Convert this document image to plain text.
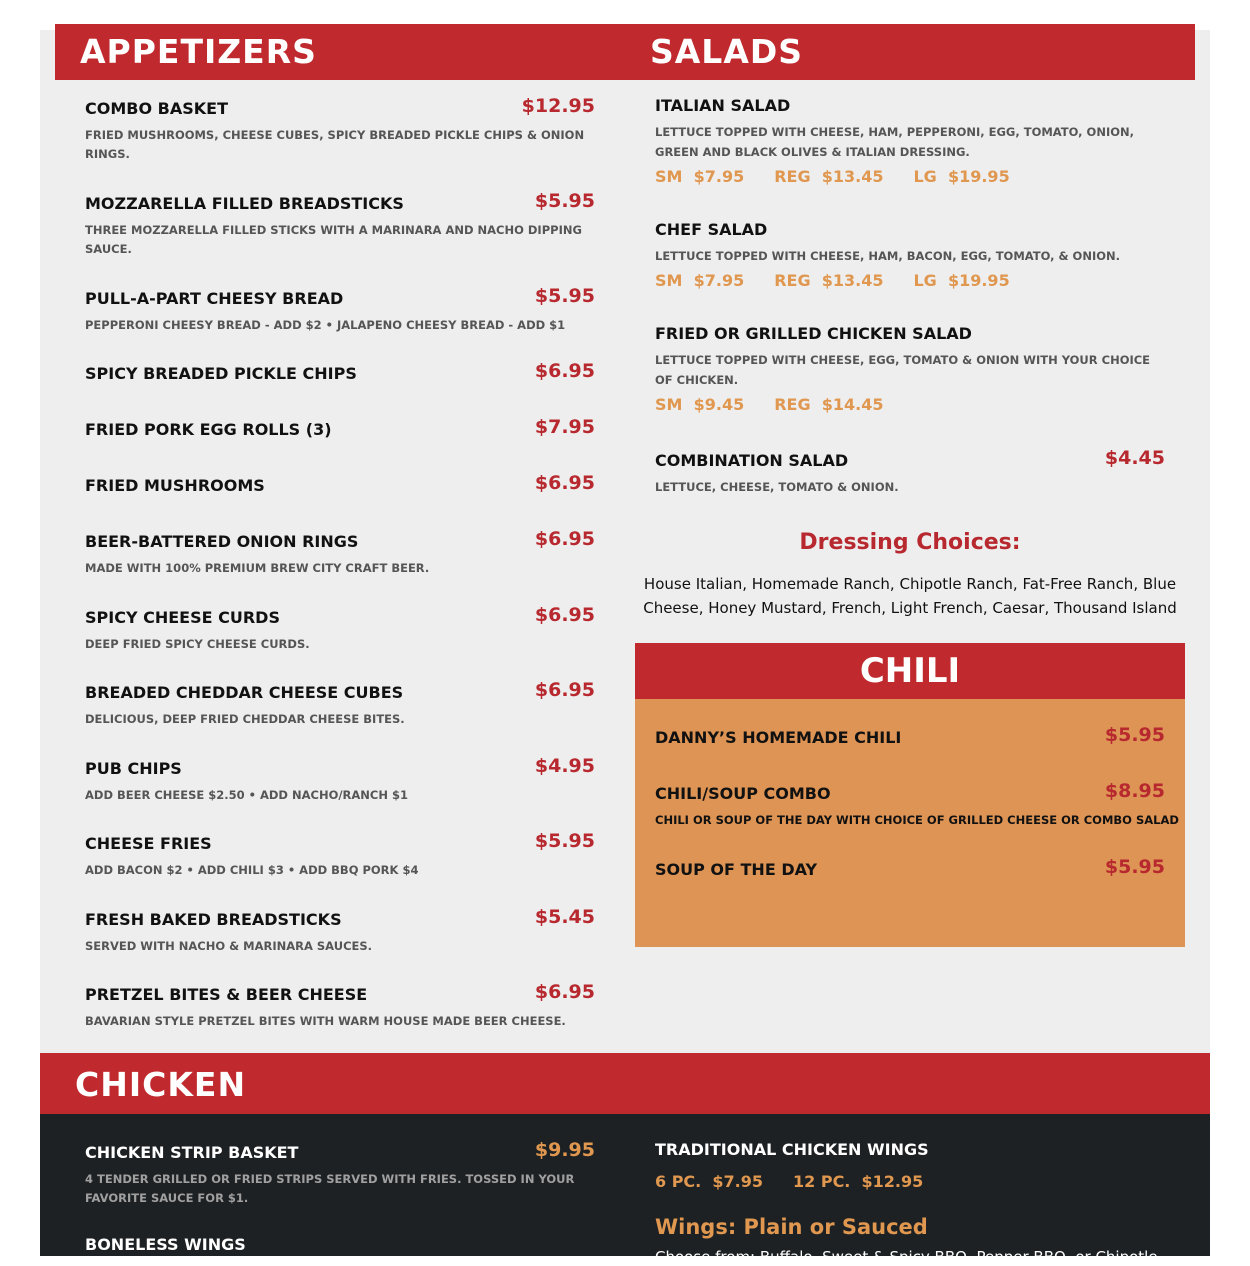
APPETIZERS	SALADS
COMBO BASKET	$12.95
FRIED MUSHROOMS, CHEESE CUBES, SPICY BREADED PICKLE CHIPS & ONION RINGS.
MOZZARELLA FILLED BREADSTICKS	$5.95
THREE MOZZARELLA FILLED STICKS WITH A MARINARA AND NACHO DIPPING SAUCE.
PULL-A-PART CHEESY BREAD	$5.95
PEPPERONI CHEESY BREAD - ADD $2 • JALAPENO CHEESY BREAD - ADD $1
SPICY BREADED PICKLE CHIPS	$6.95
FRIED PORK EGG ROLLS (3)	$7.95
FRIED MUSHROOMS	$6.95
BEER-BATTERED ONION RINGS	$6.95
MADE WITH 100% PREMIUM BREW CITY CRAFT BEER.
SPICY CHEESE CURDS	$6.95
DEEP FRIED SPICY CHEESE CURDS.
BREADED CHEDDAR CHEESE CUBES	$6.95
DELICIOUS, DEEP FRIED CHEDDAR CHEESE BITES.
PUB CHIPS	$4.95
ADD BEER CHEESE $2.50 • ADD NACHO/RANCH $1
CHEESE FRIES	$5.95
ADD BACON $2 • ADD CHILI $3 • ADD BBQ PORK $4
FRESH BAKED BREADSTICKS	$5.45
SERVED WITH NACHO & MARINARA SAUCES.
PRETZEL BITES & BEER CHEESE	$6.95
BAVARIAN STYLE PRETZEL BITES WITH WARM HOUSE MADE BEER CHEESE.
ITALIAN SALAD
LETTUCE TOPPED WITH CHEESE, HAM, PEPPERONI, EGG, TOMATO, ONION, GREEN AND BLACK OLIVES & ITALIAN DRESSING.
SM $7.95 REG $13.45 LG $19.95
CHEF SALAD
LETTUCE TOPPED WITH CHEESE, HAM, BACON, EGG, TOMATO, & ONION.
SM $7.95 REG $13.45 LG $19.95
FRIED OR GRILLED CHICKEN SALAD
LETTUCE TOPPED WITH CHEESE, EGG, TOMATO & ONION WITH YOUR CHOICE OF CHICKEN.
SM $9.45 REG $14.45
COMBINATION SALAD	$4.45
LETTUCE, CHEESE, TOMATO & ONION.
Dressing Choices:
House Italian, Homemade Ranch, Chipotle Ranch, Fat-Free Ranch, Blue Cheese, Honey Mustard, French, Light French, Caesar, Thousand Island
CHILI
DANNY’S HOMEMADE CHILI	$5.95
CHILI/SOUP COMBO	$8.95
CHILI OR SOUP OF THE DAY WITH CHOICE OF GRILLED CHEESE OR COMBO SALAD
SOUP OF THE DAY	$5.95
CHICKEN
CHICKEN STRIP BASKET	$9.95
4 TENDER GRILLED OR FRIED STRIPS SERVED WITH FRIES. TOSSED IN YOUR FAVORITE SAUCE FOR $1.
BONELESS WINGS
TRADITIONAL CHICKEN WINGS
6 PC. $7.95 12 PC. $12.95
Wings: Plain or Sauced
Choose from: Buffalo, Sweet & Spicy BBQ, Pepper BBQ, or Chipotle
